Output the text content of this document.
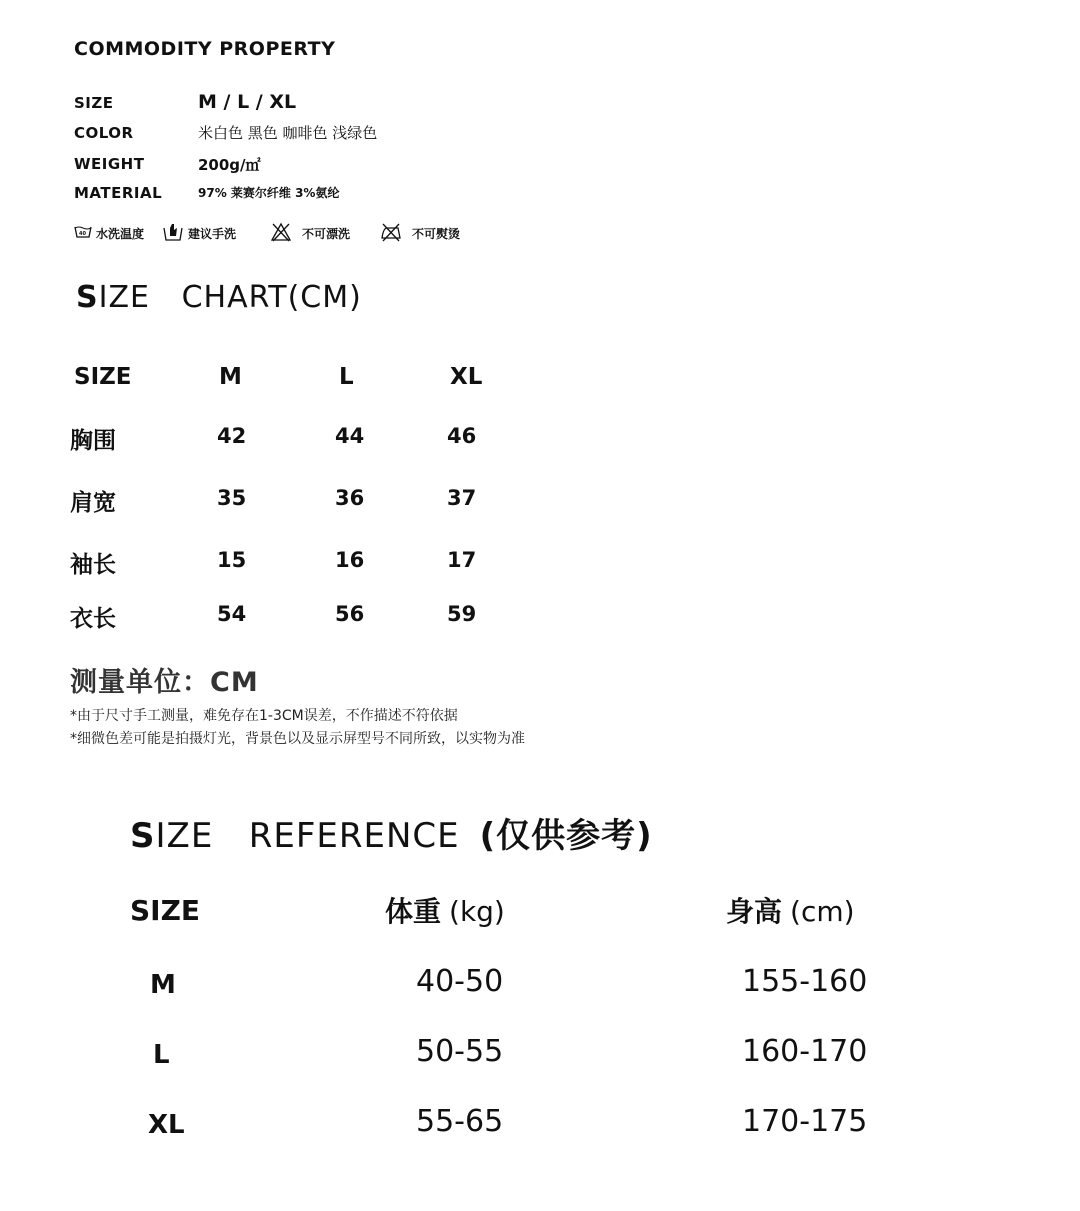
COMMODITY PROPERTY
SIZE	M / L / XL
COLOR	米白色 黑色 咖啡色 浅绿色
WEIGHT	200g/㎡
MATERIAL	97% 莱赛尔纤维 3%氨纶
40 水洗温度	建议手洗	不可漂洗	不可熨烫
SIZE   CHART(CM)
SIZE	M	L	XL
胸围	42	44	46
肩宽	35	36	37
袖长	15	16	17
衣长	54	56	59
测量单位：CM
*由于尺寸手工测量，难免存在1-3CM误差，不作描述不符依据
*细微色差可能是拍摄灯光，背景色以及显示屏型号不同所致，以实物为准
SIZE   REFERENCE (仅供参考)
SIZE	体重 (kg)	身高 (cm)
M	40-50	155-160
L	50-55	160-170
XL	55-65	170-175
